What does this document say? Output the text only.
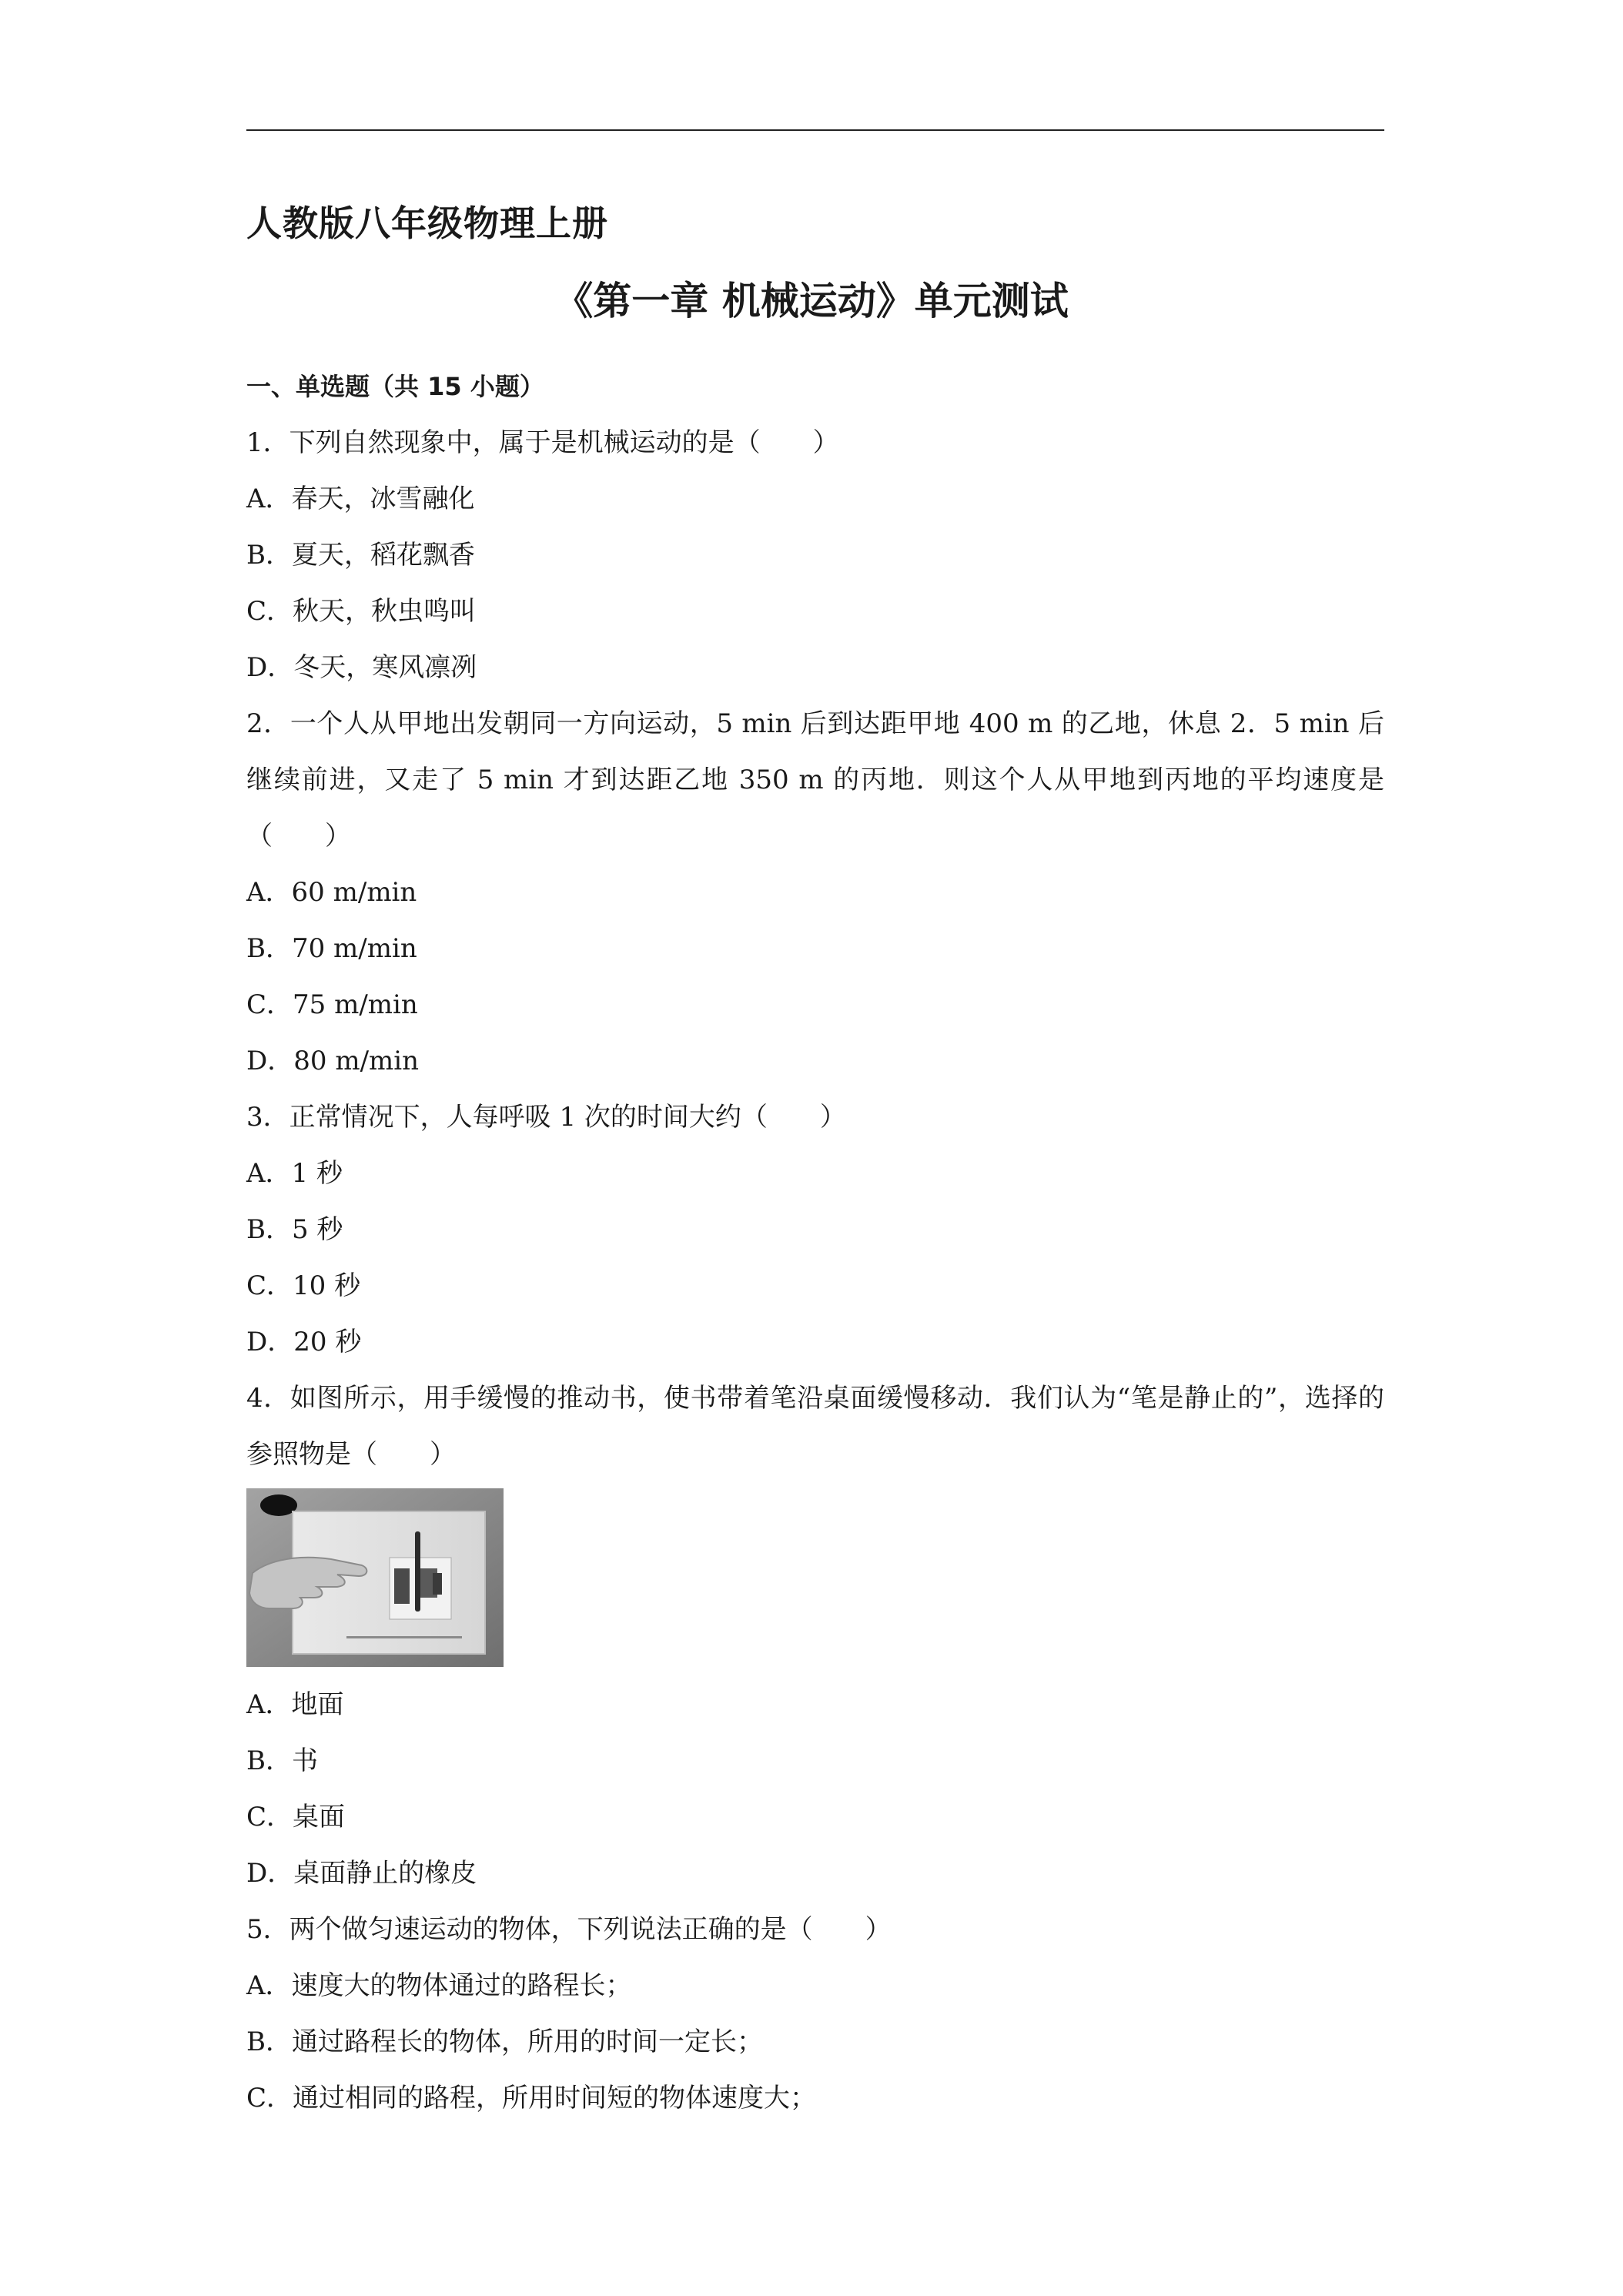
人教版八年级物理上册
《第一章 机械运动》单元测试
一、单选题（共 15 小题）
1．下列自然现象中，属于是机械运动的是（　　）
A．春天，冰雪融化
B．夏天，稻花飘香
C．秋天，秋虫鸣叫
D．冬天，寒风凛冽
2．一个人从甲地出发朝同一方向运动，5 min 后到达距甲地 400 m 的乙地，休息 2．5 min 后继续前进，又走了 5 min 才到达距乙地 350 m 的丙地．则这个人从甲地到丙地的平均速度是（　　）
A．60 m/min
B．70 m/min
C．75 m/min
D．80 m/min
3．正常情况下，人每呼吸 1 次的时间大约（　　）
A．1 秒
B．5 秒
C．10 秒
D．20 秒
4．如图所示，用手缓慢的推动书，使书带着笔沿桌面缓慢移动．我们认为“笔是静止的”，选择的参照物是（　　）
A．地面
B．书
C．桌面
D．桌面静止的橡皮
5．两个做匀速运动的物体，下列说法正确的是（　　）
A．速度大的物体通过的路程长；
B．通过路程长的物体，所用的时间一定长；
C．通过相同的路程，所用时间短的物体速度大；
